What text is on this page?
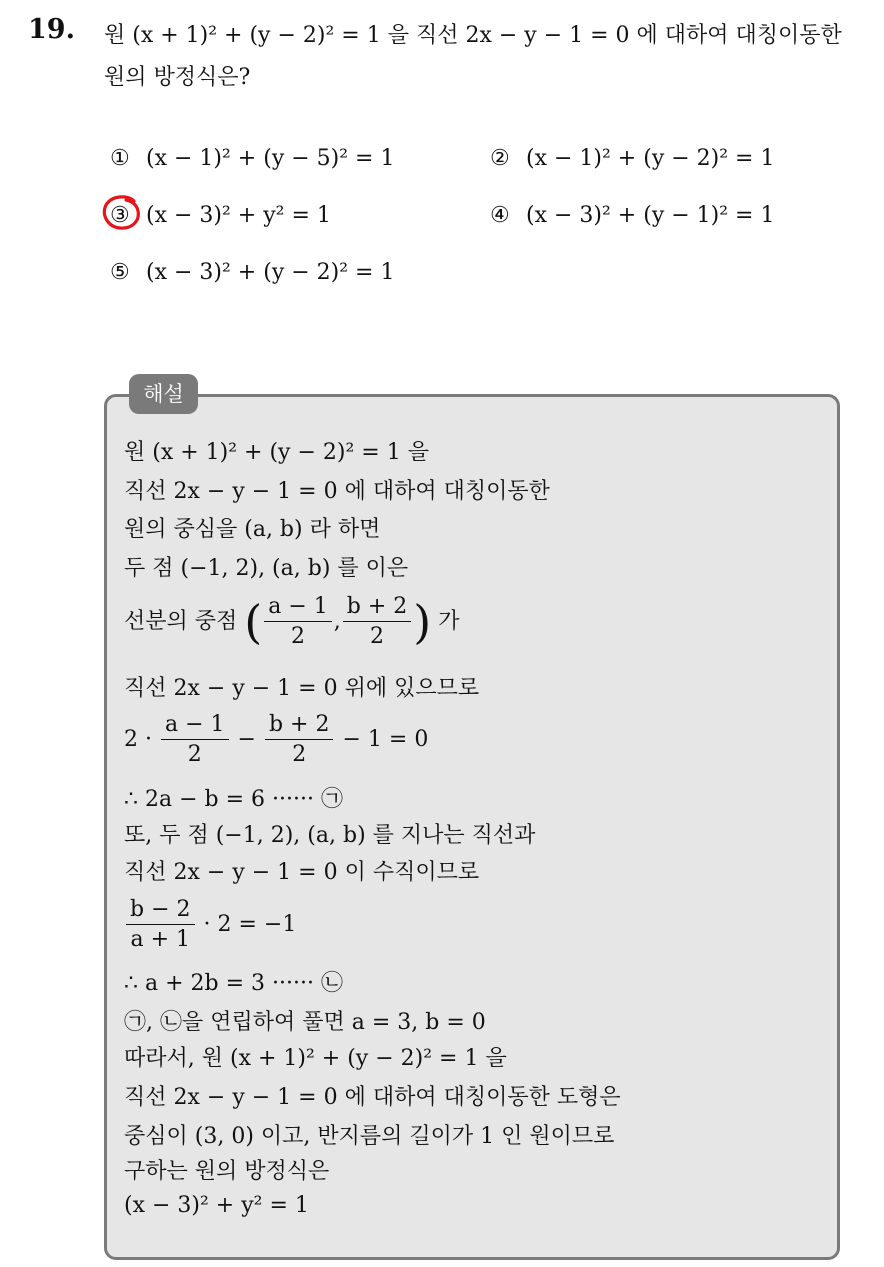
19. 원 (x + 1)² + (y − 2)² = 1 을 직선 2x − y − 1 = 0 에 대하여 대칭이동한
원의 방정식은?
① (x − 1)² + (y − 5)² = 1	② (x − 1)² + (y − 2)² = 1
③ (x − 3)² + y² = 1	④ (x − 3)² + (y − 1)² = 1
⑤ (x − 3)² + (y − 2)² = 1
해설
원 (x + 1)² + (y − 2)² = 1 을
직선 2x − y − 1 = 0 에 대하여 대칭이동한
원의 중심을 (a, b) 라 하면
두 점 (−1, 2), (a, b) 를 이은
선분의 중점 ( $\frac{a - 1}{2}$ , $\frac{b + 2}{2}$ ) 가
직선 2x − y − 1 = 0 위에 있으므로
$2 \cdot \frac{a - 1}{2} - \frac{b + 2}{2} - 1 = 0$
∴ 2a − b = 6 ······ ㉠
또, 두 점 (−1, 2), (a, b) 를 지나는 직선과
직선 2x − y − 1 = 0 이 수직이므로
$\frac{b - 2}{a + 1} \cdot 2 = -1$
∴ a + 2b = 3 ······ ㉡
㉠, ㉡을 연립하여 풀면 a = 3, b = 0
따라서, 원 (x + 1)² + (y − 2)² = 1 을
직선 2x − y − 1 = 0 에 대하여 대칭이동한 도형은
중심이 (3, 0) 이고, 반지름의 길이가 1 인 원이므로
구하는 원의 방정식은
(x − 3)² + y² = 1
